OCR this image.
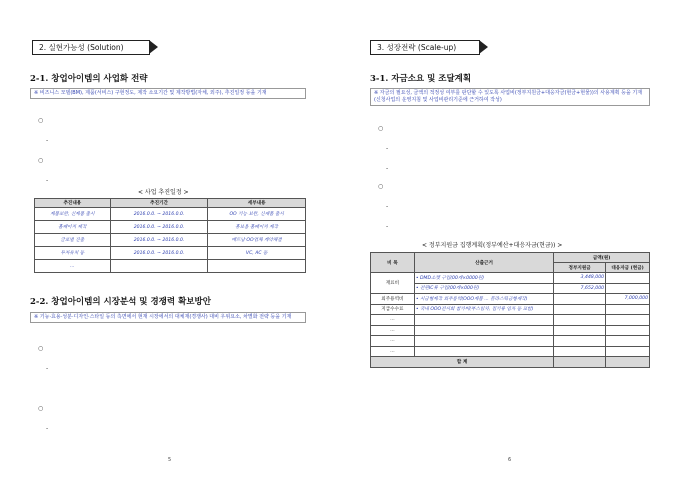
2. 실현가능성 (Solution)
2-1. 창업아이템의 사업화 전략
※ 비즈니스 모델(BM), 제품(서비스) 구현정도, 제작 소요기간 및 제작방법(자체, 외주), 추진일정 등을 기재
○
-
○
-
< 사업 추진일정 >
추진내용	추진기간	세부내용
제품보완, 신제품 출시	2016.0.0. ~ 2016.0.0.	OO 기능 보완, 신제품 출시
홈페이지 제작	2016.0.0. ~ 2016.0.0.	홍보용 홈페이지 제작
글로벌 진출	2016.0.0. ~ 2016.0.0.	베트남 OO업체 계약체결
투자유치 등	2016.0.0. ~ 2016.0.0.	VC, AC 등
…		
2-2. 창업아이템의 시장분석 및 경쟁력 확보방안
※ 기능·효용·성분·디자인·스타일 등의 측면에서 현재 시장에서의 대체재(경쟁사) 대비 우위요소, 차별화 전략 등을 기재
○
-
○
-
5
3. 성장전략 (Scale-up)
3-1. 자금소요 및 조달계획
※ 자금의 필요성, 금액의 적정성 여부를 판단할 수 있도록 사업비(정부지원금+대응자금(현금+현물))의 사용계획 등을 기재(신청사업의 운영지침 및 사업비관리기준에 근거하여 작성)
○
-
-
○
-
-
< 정부지원금 집행계획(정부예산+대응자금(현금)) >
비 목	산출근거	금액(원)	
		정부지원금	대응자금 (현금)
재료비	• DMD소켓 구입(00개×0000원)	3,448,000	
	• 전원IC류 구입(00개×000원)	7,652,000	
외주용역비	• 시금형제작 외주용역(OOO제품 ... 플라스틱금형제작)		7,000,000
지급수수료	• 국내 OOO전시회 참가비(부스임차, 집기류 임차 등 포함)		
…			
…			
…			
…			
합 계			
6
